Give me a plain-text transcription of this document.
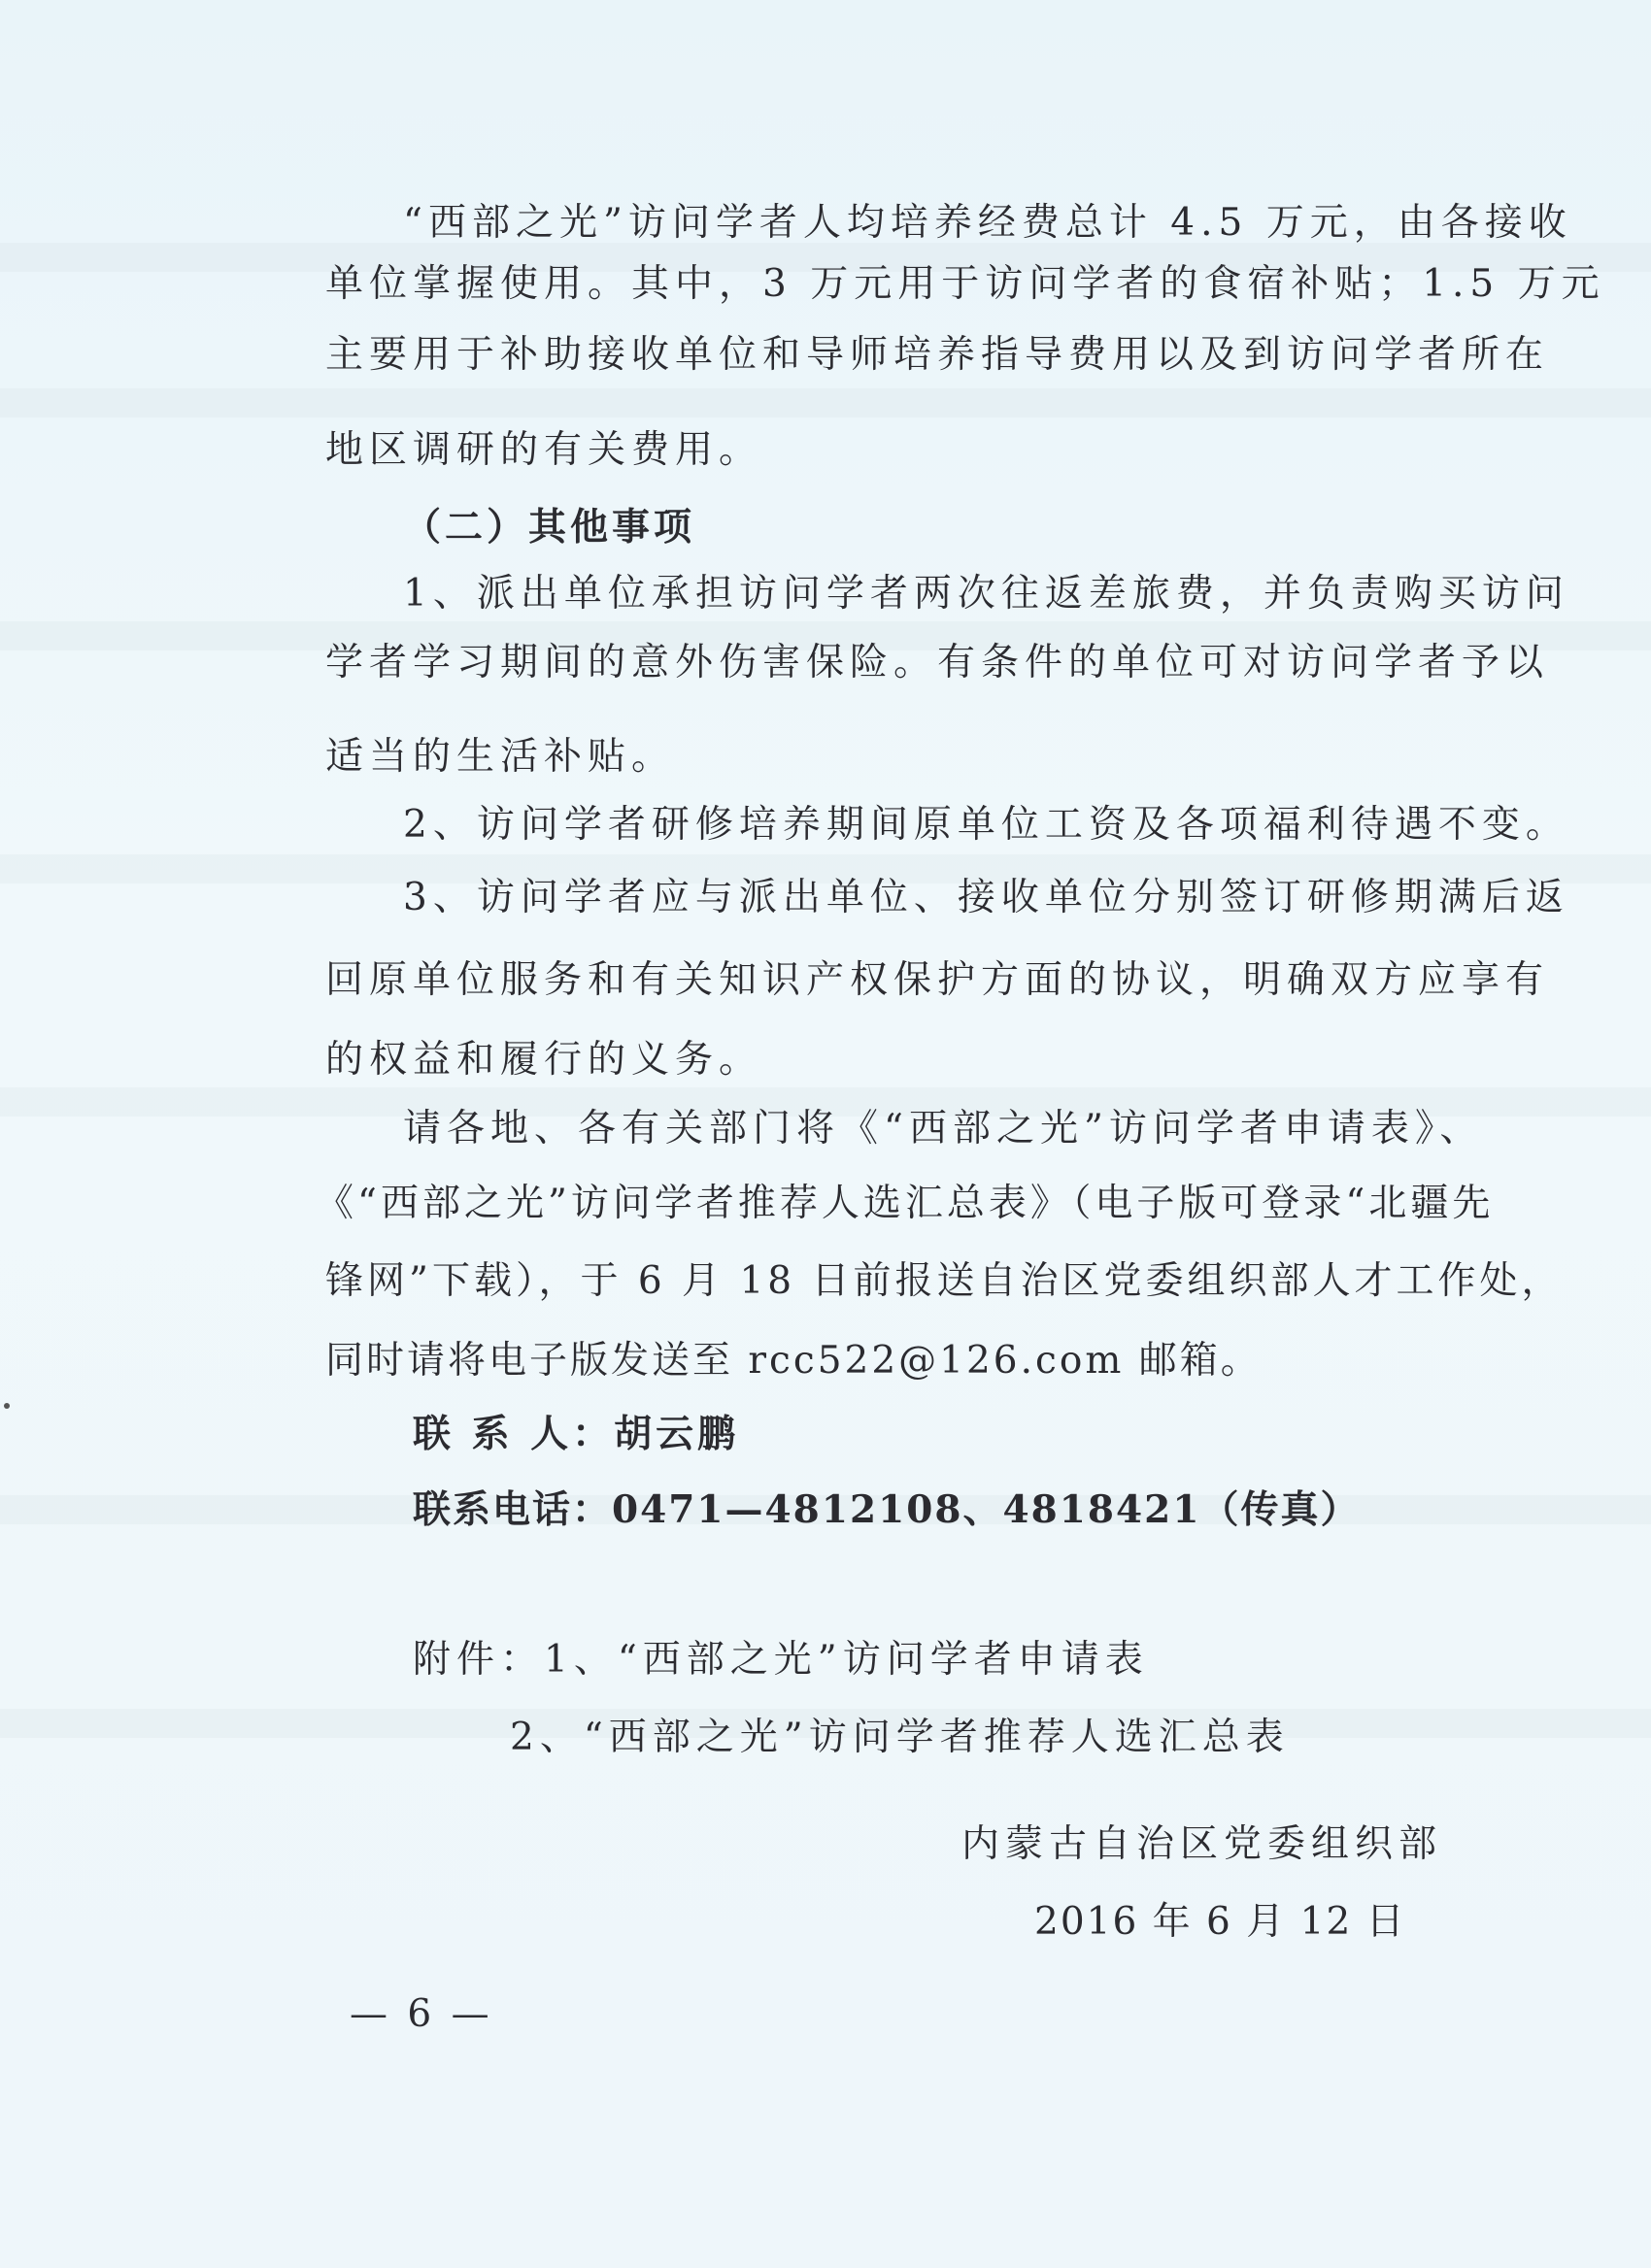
“西部之光”访问学者人均培养经费总计 4.5 万元，由各接收
单位掌握使用。其中，3 万元用于访问学者的食宿补贴；1.5 万元
主要用于补助接收单位和导师培养指导费用以及到访问学者所在
地区调研的有关费用。
（二）其他事项
1、派出单位承担访问学者两次往返差旅费，并负责购买访问
学者学习期间的意外伤害保险。有条件的单位可对访问学者予以
适当的生活补贴。
2、访问学者研修培养期间原单位工资及各项福利待遇不变。
3、访问学者应与派出单位、接收单位分别签订研修期满后返
回原单位服务和有关知识产权保护方面的协议，明确双方应享有
的权益和履行的义务。
请各地、各有关部门将《“西部之光”访问学者申请表》、
《“西部之光”访问学者推荐人选汇总表》（电子版可登录“北疆先
锋网”下载），于 6 月 18 日前报送自治区党委组织部人才工作处，
同时请将电子版发送至 rcc522@126.com 邮箱。
联 系 人：胡云鹏
联系电话：0471—4812108、4818421（传真）
附件：1、“西部之光”访问学者申请表
2、“西部之光”访问学者推荐人选汇总表
内蒙古自治区党委组织部
2016 年 6 月 12 日
— 6 —
